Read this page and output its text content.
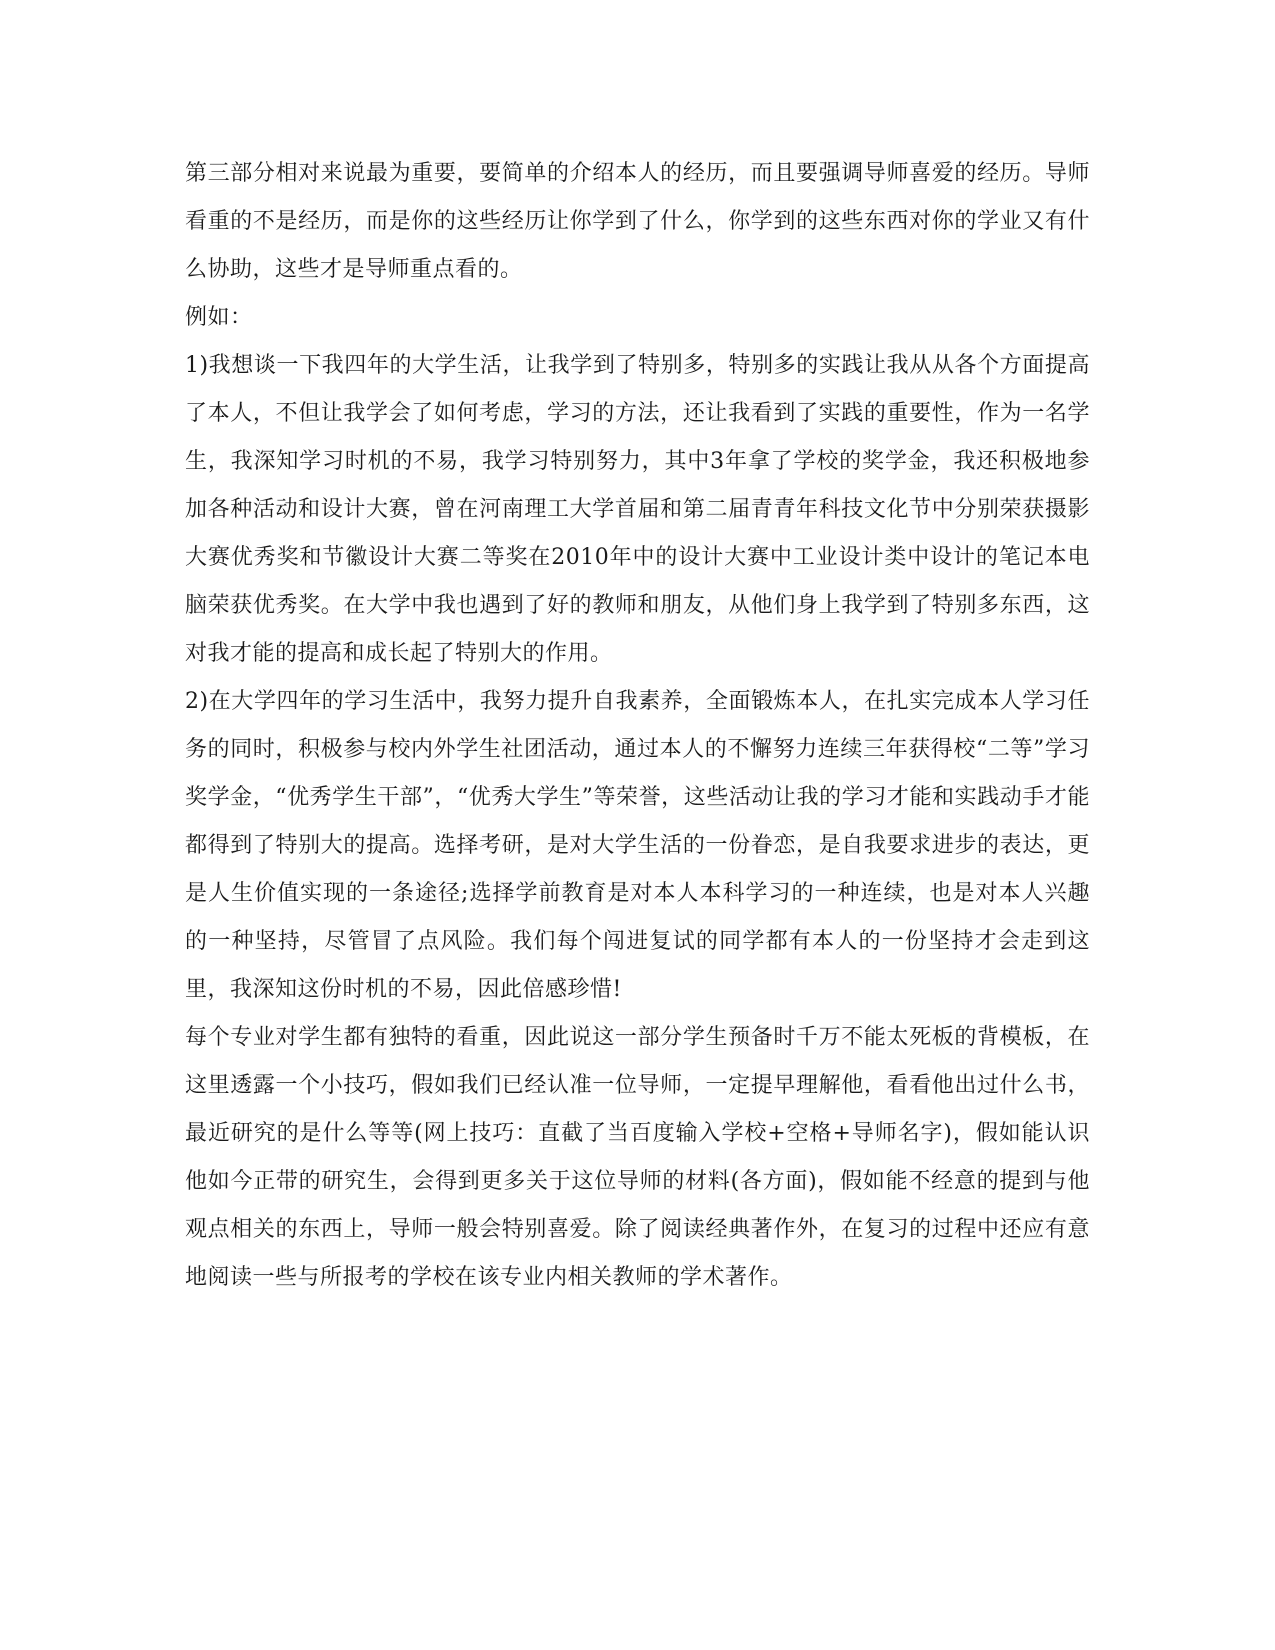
第三部分相对来说最为重要，要简单的介绍本人的经历，而且要强调导师喜爱的经历。导师看重的不是经历，而是你的这些经历让你学到了什么，你学到的这些东西对你的学业又有什么协助，这些才是导师重点看的。

例如：

1)我想谈一下我四年的大学生活，让我学到了特别多，特别多的实践让我从从各个方面提高了本人，不但让我学会了如何考虑，学习的方法，还让我看到了实践的重要性，作为一名学生，我深知学习时机的不易，我学习特别努力，其中3年拿了学校的奖学金，我还积极地参加各种活动和设计大赛，曾在河南理工大学首届和第二届青青年科技文化节中分别荣获摄影大赛优秀奖和节徽设计大赛二等奖在2010年中的设计大赛中工业设计类中设计的笔记本电脑荣获优秀奖。在大学中我也遇到了好的教师和朋友，从他们身上我学到了特别多东西，这对我才能的提高和成长起了特别大的作用。

2)在大学四年的学习生活中，我努力提升自我素养，全面锻炼本人，在扎实完成本人学习任务的同时，积极参与校内外学生社团活动，通过本人的不懈努力连续三年获得校“二等”学习奖学金，“优秀学生干部”，“优秀大学生”等荣誉，这些活动让我的学习才能和实践动手才能都得到了特别大的提高。选择考研，是对大学生活的一份眷恋，是自我要求进步的表达，更是人生价值实现的一条途径;选择学前教育是对本人本科学习的一种连续，也是对本人兴趣的一种坚持，尽管冒了点风险。我们每个闯进复试的同学都有本人的一份坚持才会走到这里，我深知这份时机的不易，因此倍感珍惜!

每个专业对学生都有独特的看重，因此说这一部分学生预备时千万不能太死板的背模板，在这里透露一个小技巧，假如我们已经认准一位导师，一定提早理解他，看看他出过什么书，最近研究的是什么等等(网上技巧：直截了当百度输入学校+空格+导师名字)，假如能认识他如今正带的研究生，会得到更多关于这位导师的材料(各方面)，假如能不经意的提到与他观点相关的东西上，导师一般会特别喜爱。除了阅读经典著作外，在复习的过程中还应有意地阅读一些与所报考的学校在该专业内相关教师的学术著作。
